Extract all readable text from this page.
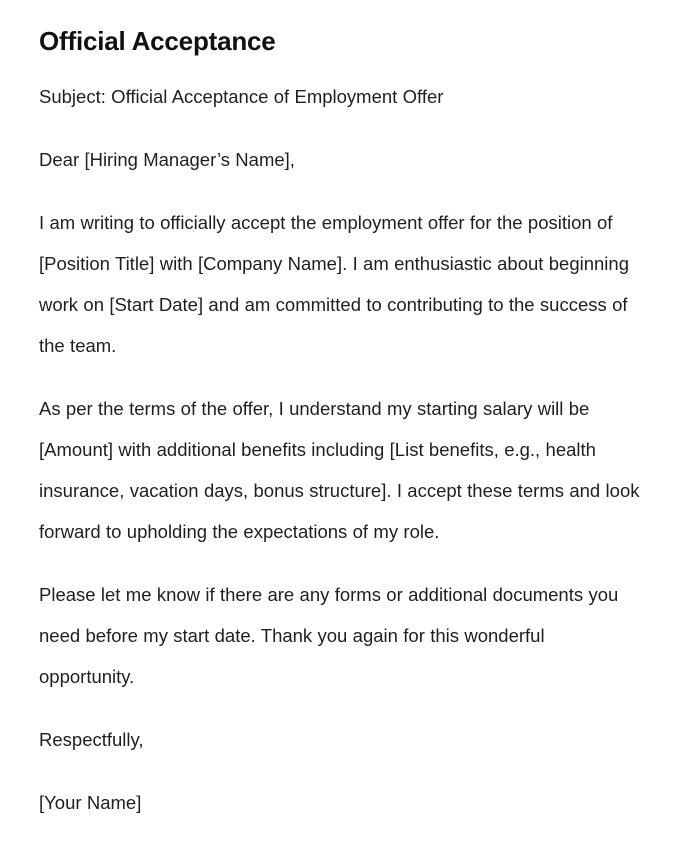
Official Acceptance

Subject: Official Acceptance of Employment Offer

Dear [Hiring Manager’s Name],

I am writing to officially accept the employment offer for the position of [Position Title] with [Company Name]. I am enthusiastic about beginning work on [Start Date] and am committed to contributing to the success of the team.

As per the terms of the offer, I understand my starting salary will be [Amount] with additional benefits including [List benefits, e.g., health insurance, vacation days, bonus structure]. I accept these terms and look forward to upholding the expectations of my role.

Please let me know if there are any forms or additional documents you need before my start date. Thank you again for this wonderful opportunity.

Respectfully,

[Your Name]
